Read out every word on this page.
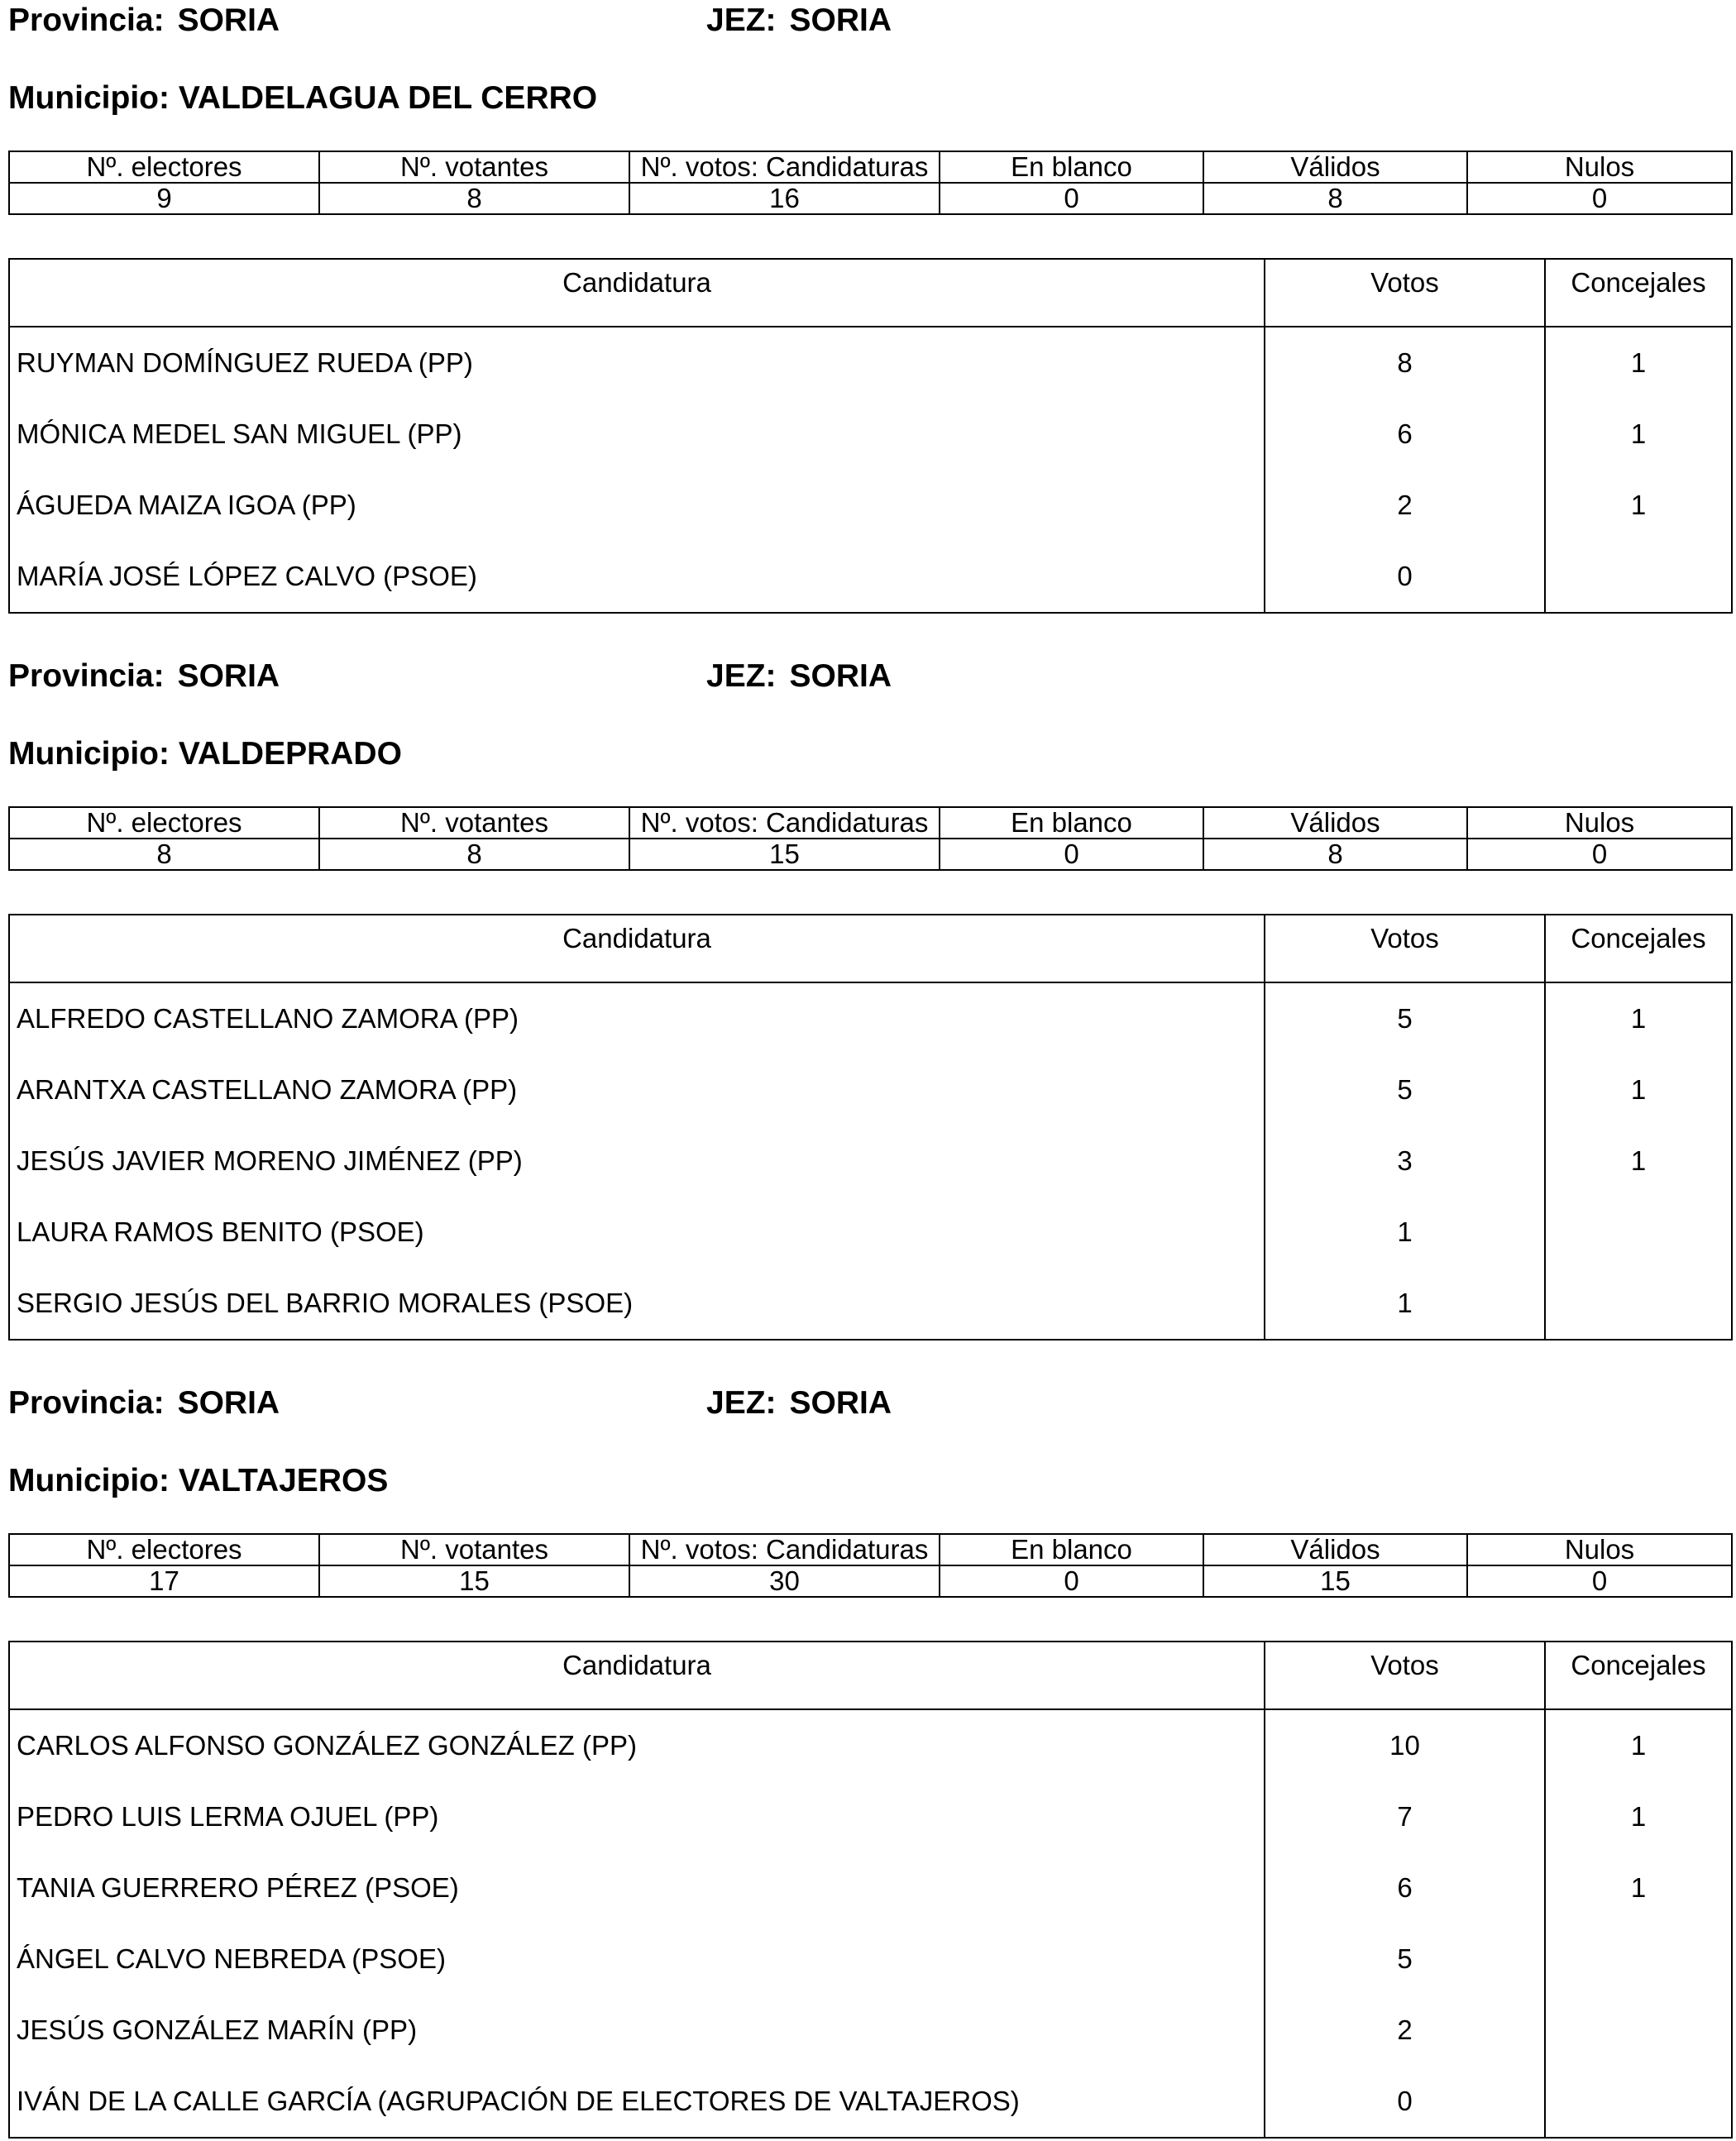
Provincia: SORIA	JEZ: SORIA
Municipio: VALDELAGUA DEL CERRO
Nº. electores	Nº. votantes	Nº. votos: Candidaturas	En blanco	Válidos	Nulos
9	8	16	0	8	0
Candidatura	Votos	Concejales
RUYMAN DOMÍNGUEZ RUEDA (PP)	8	1
MÓNICA MEDEL SAN MIGUEL (PP)	6	1
ÁGUEDA MAIZA IGOA (PP)	2	1
MARÍA JOSÉ LÓPEZ CALVO (PSOE)	0	
Provincia: SORIA	JEZ: SORIA
Municipio: VALDEPRADO
Nº. electores	Nº. votantes	Nº. votos: Candidaturas	En blanco	Válidos	Nulos
8	8	15	0	8	0
Candidatura	Votos	Concejales
ALFREDO CASTELLANO ZAMORA (PP)	5	1
ARANTXA CASTELLANO ZAMORA (PP)	5	1
JESÚS JAVIER MORENO JIMÉNEZ (PP)	3	1
LAURA RAMOS BENITO (PSOE)	1	
SERGIO JESÚS DEL BARRIO MORALES (PSOE)	1	
Provincia: SORIA	JEZ: SORIA
Municipio: VALTAJEROS
Nº. electores	Nº. votantes	Nº. votos: Candidaturas	En blanco	Válidos	Nulos
17	15	30	0	15	0
Candidatura	Votos	Concejales
CARLOS ALFONSO GONZÁLEZ GONZÁLEZ (PP)	10	1
PEDRO LUIS LERMA OJUEL (PP)	7	1
TANIA GUERRERO PÉREZ (PSOE)	6	1
ÁNGEL CALVO NEBREDA (PSOE)	5	
JESÚS GONZÁLEZ MARÍN (PP)	2	
IVÁN DE LA CALLE GARCÍA (AGRUPACIÓN DE ELECTORES DE VALTAJEROS)	0	
